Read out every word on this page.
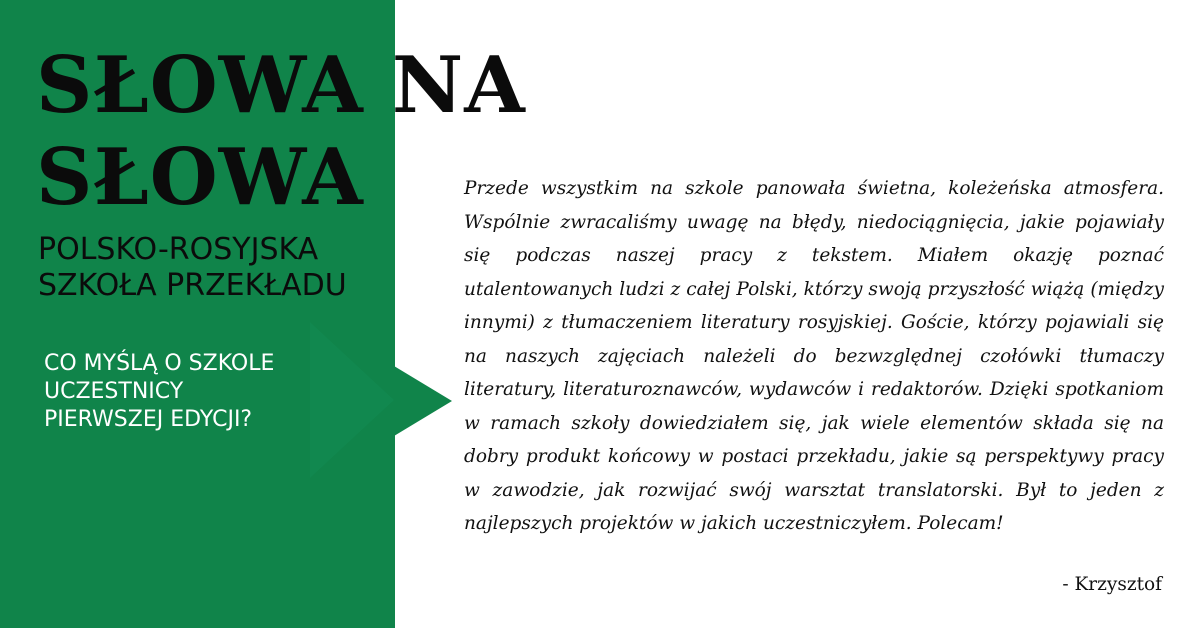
SŁOWA NA
SŁOWA
POLSKO-ROSYJSKA
SZKOŁA PRZEKŁADU
CO MYŚLĄ O SZKOLE
UCZESTNICY
PIERWSZEJ EDYCJI?

Przede wszystkim na szkole panowała świetna, koleżeńska atmosfera. Wspólnie zwracaliśmy uwagę na błędy, niedociągnięcia, jakie pojawiały się podczas naszej pracy z tekstem. Miałem okazję poznać utalentowanych ludzi z całej Polski, którzy swoją przyszłość wiążą (między innymi) z tłumaczeniem literatury rosyjskiej. Goście, którzy pojawiali się na naszych zajęciach należeli do bezwzględnej czołówki tłumaczy literatury, literaturoznawców, wydawców i redaktorów. Dzięki spotkaniom w ramach szkoły dowiedziałem się, jak wiele elementów składa się na dobry produkt końcowy w postaci przekładu, jakie są perspektywy pracy w zawodzie, jak rozwijać swój warsztat translatorski. Był to jeden z najlepszych projektów w jakich uczestniczyłem. Polecam!

- Krzysztof
